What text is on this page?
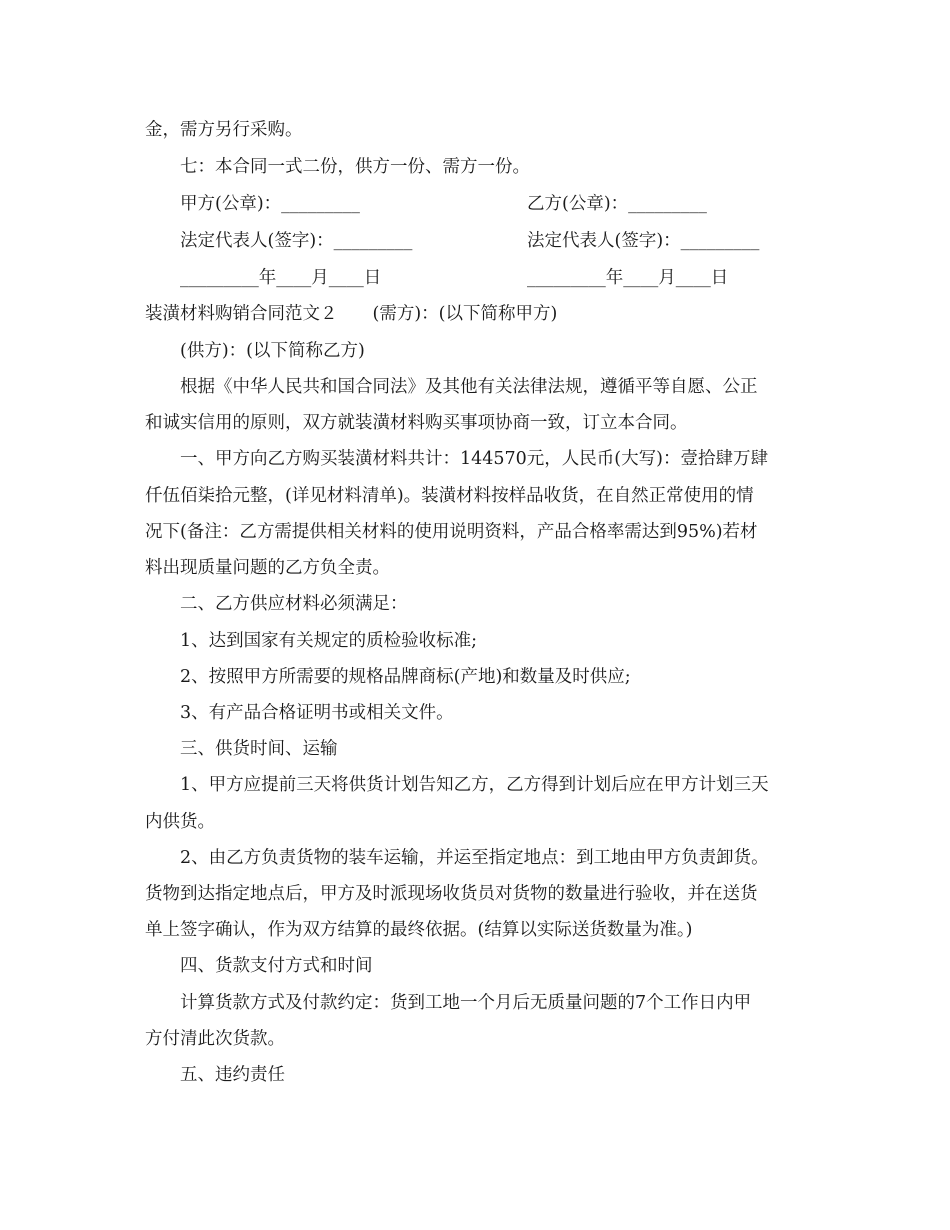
金，需方另行采购。
七：本合同一式二份，供方一份、需方一份。
甲方(公章)：_________	乙方(公章)：_________
法定代表人(签字)：_________	法定代表人(签字)：_________
_________年____月____日	_________年____月____日
装潢材料购销合同范文２　　(需方)：(以下简称甲方)
(供方)：(以下简称乙方)
根据《中华人民共和国合同法》及其他有关法律法规，遵循平等自愿、公正
和诚实信用的原则，双方就装潢材料购买事项协商一致，订立本合同。
一、甲方向乙方购买装潢材料共计：144570元，人民币(大写)：壹拾肆万肆
仟伍佰柒拾元整，(详见材料清单)。装潢材料按样品收货，在自然正常使用的情
况下(备注：乙方需提供相关材料的使用说明资料，产品合格率需达到95%)若材
料出现质量问题的乙方负全责。
二、乙方供应材料必须满足：
1、达到国家有关规定的质检验收标准;
2、按照甲方所需要的规格品牌商标(产地)和数量及时供应;
3、有产品合格证明书或相关文件。
三、供货时间、运输
1、甲方应提前三天将供货计划告知乙方，乙方得到计划后应在甲方计划三天
内供货。
2、由乙方负责货物的装车运输，并运至指定地点：到工地由甲方负责卸货。
货物到达指定地点后，甲方及时派现场收货员对货物的数量进行验收，并在送货
单上签字确认，作为双方结算的最终依据。(结算以实际送货数量为准。)
四、货款支付方式和时间
计算货款方式及付款约定：货到工地一个月后无质量问题的7个工作日内甲
方付清此次货款。
五、违约责任
